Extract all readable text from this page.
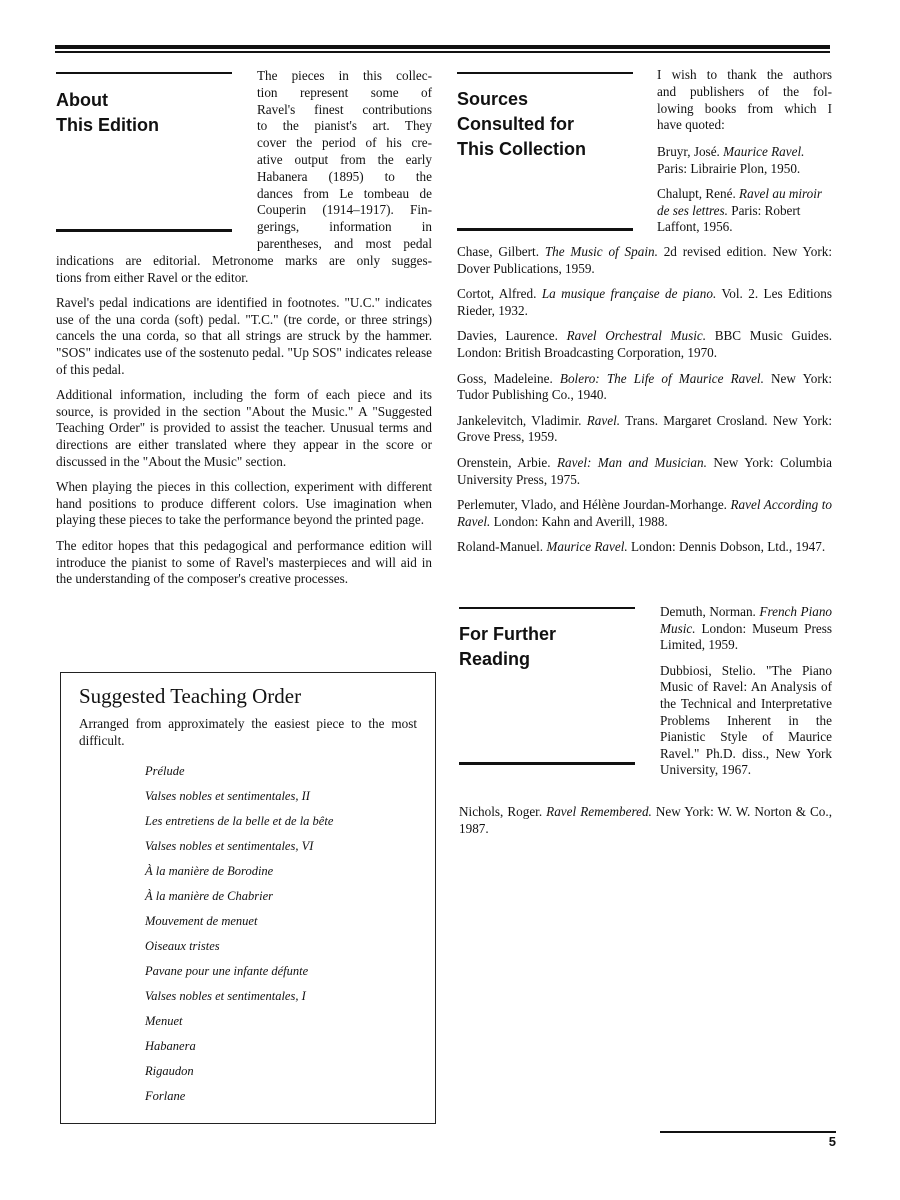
About
This Edition
The pieces in this collec-
tion represent some of
Ravel's finest contributions
to the pianist's art. They
cover the period of his cre-
ative output from the early
Habanera (1895) to the
dances from Le tombeau de
Couperin (1914–1917). Fin-
gerings, information in
parentheses, and most pedal
indications are editorial. Metronome marks are only sugges-
tions from either Ravel or the editor.

Ravel's pedal indications are identified in footnotes. "U.C." indicates use of the una corda (soft) pedal. "T.C." (tre corde, or three strings) cancels the una corda, so that all strings are struck by the hammer. "SOS" indicates use of the sostenuto pedal. "Up SOS" indicates release of this pedal.

Additional information, including the form of each piece and its source, is provided in the section "About the Music." A "Suggested Teaching Order" is provided to assist the teacher. Unusual terms and directions are either translated where they appear in the score or discussed in the "About the Music" section.

When playing the pieces in this collection, experiment with different hand positions to produce different colors. Use imagination when playing these pieces to take the performance beyond the printed page.

The editor hopes that this pedagogical and performance edition will introduce the pianist to some of Ravel's masterpieces and will aid in the understanding of the composer's creative processes.

Suggested Teaching Order
Arranged from approximately the easiest piece to the most difficult.
Prélude
Valses nobles et sentimentales, II
Les entretiens de la belle et de la bête
Valses nobles et sentimentales, VI
À la manière de Borodine
À la manière de Chabrier
Mouvement de menuet
Oiseaux tristes
Pavane pour une infante défunte
Valses nobles et sentimentales, I
Menuet
Habanera
Rigaudon
Forlane
Sources
Consulted for
This Collection
I wish to thank the authors
and publishers of the fol-
lowing books from which I
have quoted:
Bruyr, José. Maurice Ravel. Paris: Librairie Plon, 1950.
Chalupt, René. Ravel au miroir de ses lettres. Paris: Robert Laffont, 1956.
Chase, Gilbert. The Music of Spain. 2d revised edition. New York: Dover Publications, 1959.
Cortot, Alfred. La musique française de piano. Vol. 2. Les Editions Rieder, 1932.
Davies, Laurence. Ravel Orchestral Music. BBC Music Guides. London: British Broadcasting Corporation, 1970.
Goss, Madeleine. Bolero: The Life of Maurice Ravel. New York: Tudor Publishing Co., 1940.
Jankelevitch, Vladimir. Ravel. Trans. Margaret Crosland. New York: Grove Press, 1959.
Orenstein, Arbie. Ravel: Man and Musician. New York: Columbia University Press, 1975.
Perlemuter, Vlado, and Hélène Jourdan-Morhange. Ravel According to Ravel. London: Kahn and Averill, 1988.
Roland-Manuel. Maurice Ravel. London: Dennis Dobson, Ltd., 1947.
For Further
Reading
Demuth, Norman. French Piano Music. London: Museum Press Limited, 1959.
Dubbiosi, Stelio. "The Piano Music of Ravel: An Analysis of the Technical and Interpretative Problems Inherent in the Pianistic Style of Maurice Ravel." Ph.D. diss., New York University, 1967.
Nichols, Roger. Ravel Remembered. New York: W. W. Norton & Co., 1987.
5
